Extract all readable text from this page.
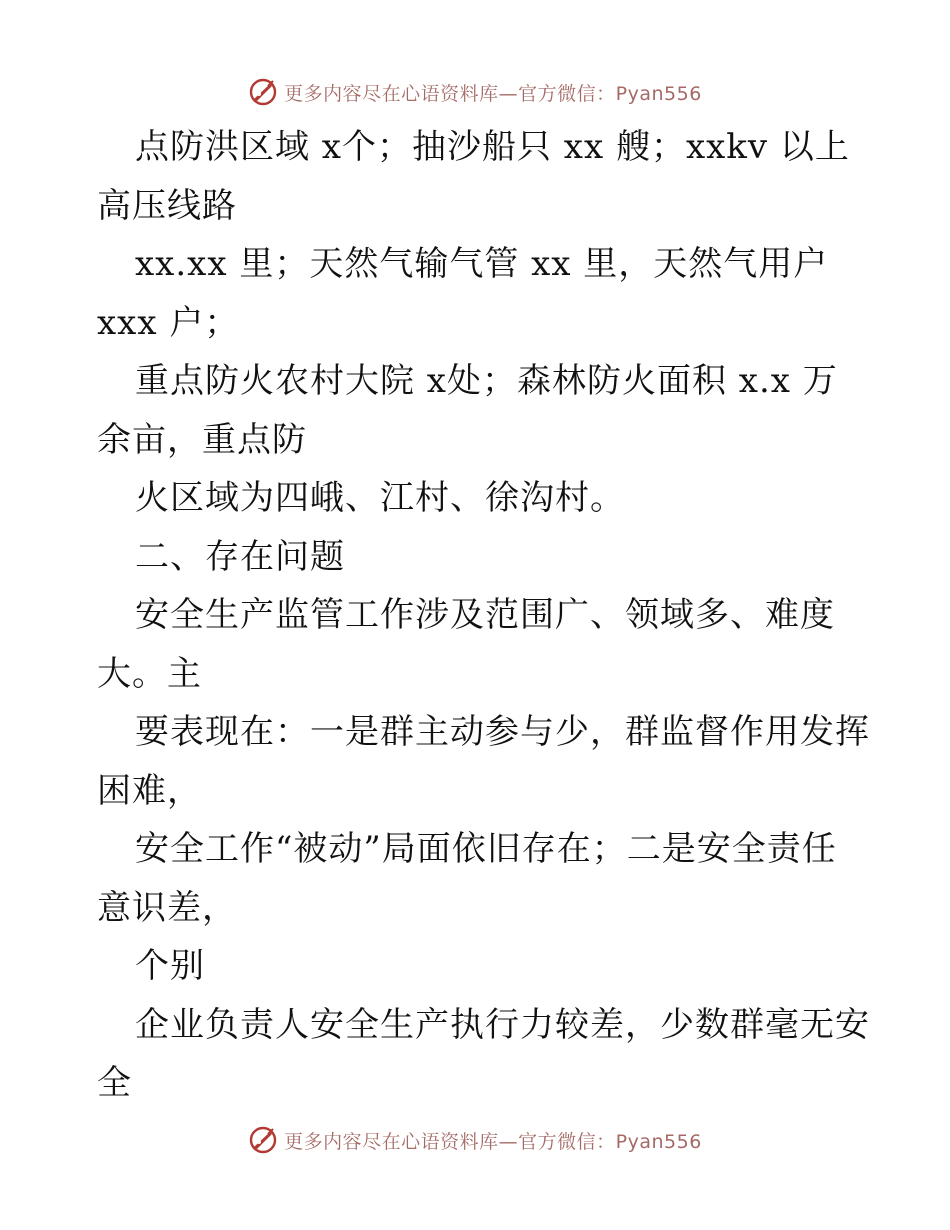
更多内容尽在心语资料库—官方微信：Pyan556
点防洪区域 x个；抽沙船只 xx 艘；xxkv 以上
高压线路
xx.xx 里；天然气输气管 xx 里，天然气用户
xxx 户；
重点防火农村大院 x处；森林防火面积 x.x 万
余亩，重点防
火区域为四峨、江村、徐沟村。
二、存在问题
安全生产监管工作涉及范围广、领域多、难度
大。主
要表现在：一是群主动参与少，群监督作用发挥
困难，
安全工作“被动”局面依旧存在；二是安全责任
意识差，
个别
企业负责人安全生产执行力较差，少数群毫无安
全
更多内容尽在心语资料库—官方微信：Pyan556
